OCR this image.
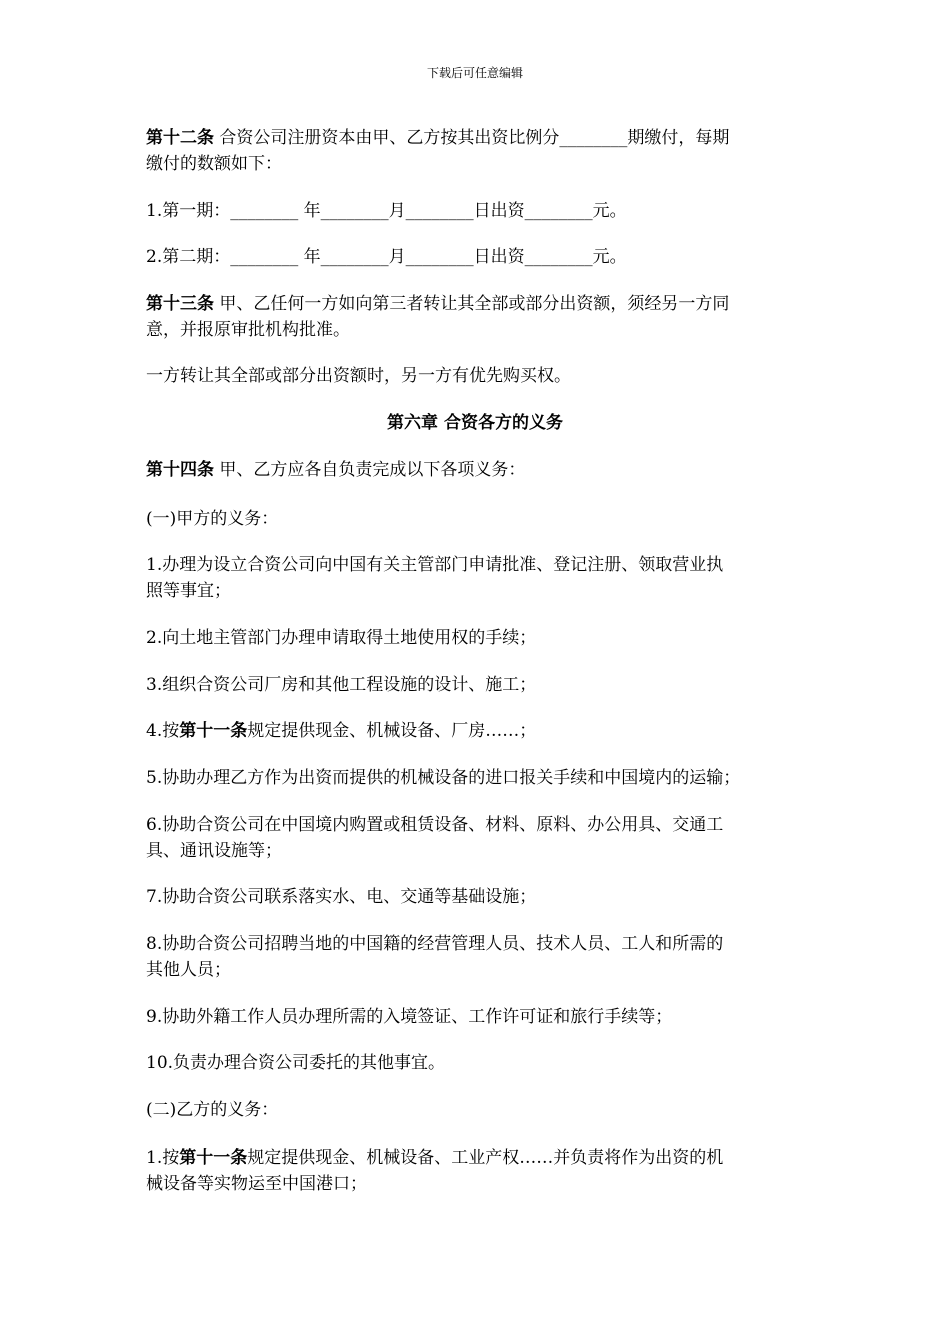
下载后可任意编辑

第十二条 合资公司注册资本由甲、乙方按其出资比例分________期缴付，每期

缴付的数额如下：

1.第一期：________ 年________月________日出资________元。

2.第二期：________ 年________月________日出资________元。

第十三条 甲、乙任何一方如向第三者转让其全部或部分出资额，须经另一方同

意，并报原审批机构批准。

一方转让其全部或部分出资额时，另一方有优先购买权。

第六章 合资各方的义务

第十四条 甲、乙方应各自负责完成以下各项义务：

(一)甲方的义务：

1.办理为设立合资公司向中国有关主管部门申请批准、登记注册、领取营业执

照等事宜；

2.向土地主管部门办理申请取得土地使用权的手续；

3.组织合资公司厂房和其他工程设施的设计、施工；

4.按第十一条规定提供现金、机械设备、厂房……；

5.协助办理乙方作为出资而提供的机械设备的进口报关手续和中国境内的运输；

6.协助合资公司在中国境内购置或租赁设备、材料、原料、办公用具、交通工

具、通讯设施等；

7.协助合资公司联系落实水、电、交通等基础设施；

8.协助合资公司招聘当地的中国籍的经营管理人员、技术人员、工人和所需的

其他人员；

9.协助外籍工作人员办理所需的入境签证、工作许可证和旅行手续等；

10.负责办理合资公司委托的其他事宜。

(二)乙方的义务：

1.按第十一条规定提供现金、机械设备、工业产权……并负责将作为出资的机

械设备等实物运至中国港口；
